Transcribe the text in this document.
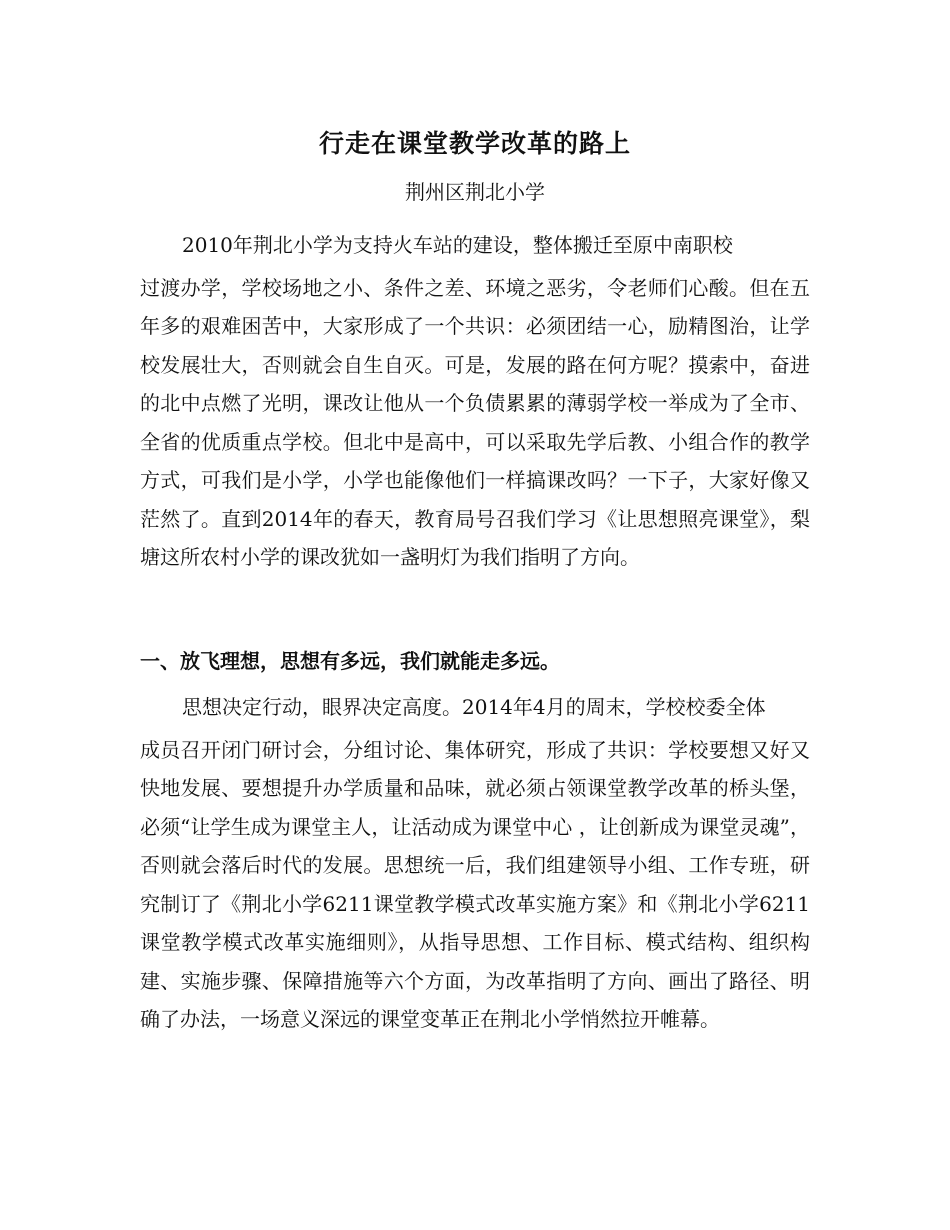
行走在课堂教学改革的路上

荆州区荆北小学

2010年荆北小学为支持火车站的建设，整体搬迁至原中南职校
过渡办学，学校场地之小、条件之差、环境之恶劣，令老师们心酸。但在五年多的艰难困苦中，大家形成了一个共识：必须团结一心，励精图治，让学校发展壮大，否则就会自生自灭。可是，发展的路在何方呢？摸索中，奋进的北中点燃了光明，课改让他从一个负债累累的薄弱学校一举成为了全市、全省的优质重点学校。但北中是高中，可以采取先学后教、小组合作的教学方式，可我们是小学，小学也能像他们一样搞课改吗？一下子，大家好像又茫然了。直到2014年的春天，教育局号召我们学习《让思想照亮课堂》，梨塘这所农村小学的课改犹如一盏明灯为我们指明了方向。
一、放飞理想，思想有多远，我们就能走多远。
思想决定行动，眼界决定高度。2014年4月的周末，学校校委全体
成员召开闭门研讨会，分组讨论、集体研究，形成了共识：学校要想又好又快地发展、要想提升办学质量和品味，就必须占领课堂教学改革的桥头堡，必须“让学生成为课堂主人，让活动成为课堂中心 ，让创新成为课堂灵魂”，否则就会落后时代的发展。思想统一后，我们组建领导小组、工作专班，研究制订了《荆北小学6211课堂教学模式改革实施方案》和《荆北小学6211课堂教学模式改革实施细则》，从指导思想、工作目标、模式结构、组织构建、实施步骤、保障措施等六个方面，为改革指明了方向、画出了路径、明确了办法，一场意义深远的课堂变革正在荆北小学悄然拉开帷幕。
